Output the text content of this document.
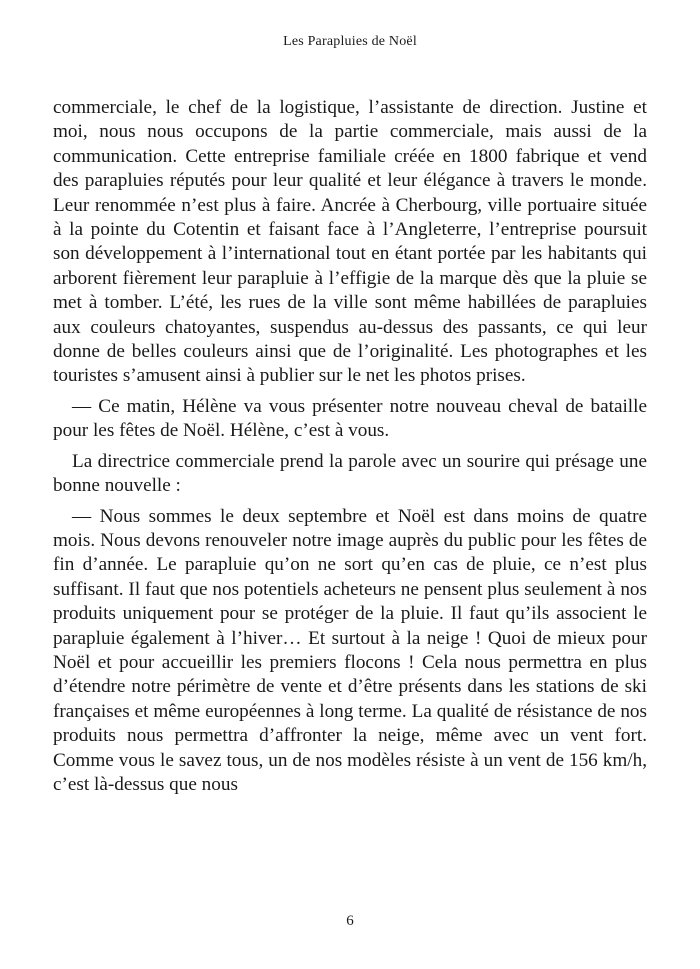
Les Parapluies de Noël

commerciale, le chef de la logistique, l’assistante de direction. Justine et moi, nous nous occupons de la partie commerciale, mais aussi de la communication. Cette entreprise familiale créée en 1800 fabrique et vend des parapluies réputés pour leur qualité et leur élégance à travers le monde. Leur renommée n’est plus à faire. Ancrée à Cherbourg, ville portuaire située à la pointe du Cotentin et faisant face à l’Angleterre, l’entreprise poursuit son développement à l’international tout en étant portée par les habitants qui arborent fièrement leur parapluie à l’effigie de la marque dès que la pluie se met à tomber. L’été, les rues de la ville sont même habillées de parapluies aux couleurs chatoyantes, suspendus au-dessus des passants, ce qui leur donne de belles couleurs ainsi que de l’originalité. Les photographes et les touristes s’amusent ainsi à publier sur le net les photos prises.

— Ce matin, Hélène va vous présenter notre nouveau cheval de bataille pour les fêtes de Noël. Hélène, c’est à vous.

La directrice commerciale prend la parole avec un sourire qui présage une bonne nouvelle :

— Nous sommes le deux septembre et Noël est dans moins de quatre mois. Nous devons renouveler notre image auprès du public pour les fêtes de fin d’année. Le parapluie qu’on ne sort qu’en cas de pluie, ce n’est plus suffisant. Il faut que nos potentiels acheteurs ne pensent plus seulement à nos produits uniquement pour se protéger de la pluie. Il faut qu’ils associent le parapluie également à l’hiver… Et surtout à la neige ! Quoi de mieux pour Noël et pour accueillir les premiers flocons ! Cela nous permettra en plus d’étendre notre périmètre de vente et d’être présents dans les stations de ski françaises et même européennes à long terme. La qualité de résistance de nos produits nous permettra d’affronter la neige, même avec un vent fort. Comme vous le savez tous, un de nos modèles résiste à un vent de 156 km/h, c’est là-dessus que nous

6
